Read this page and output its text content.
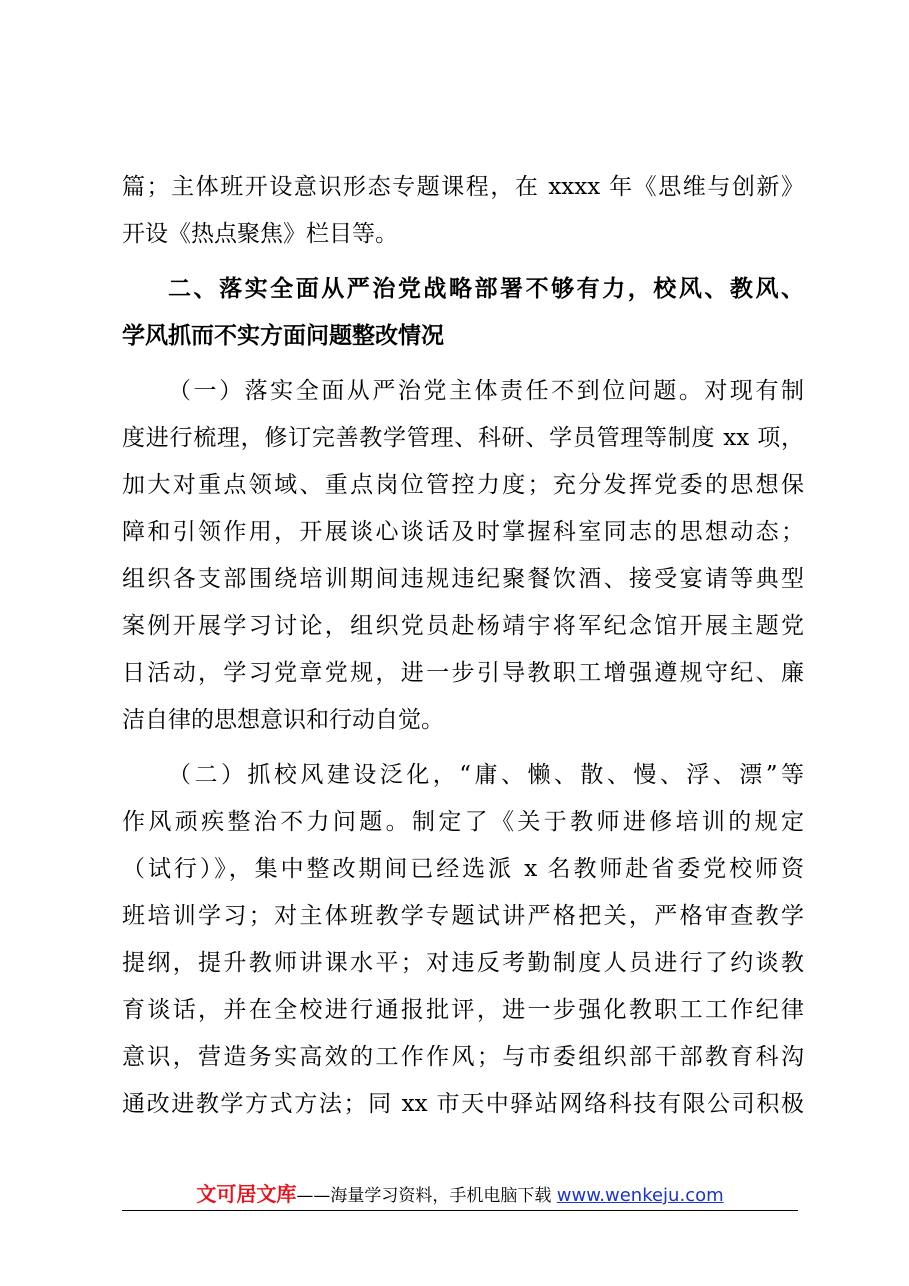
篇；主体班开设意识形态专题课程，在 xxxx 年《思维与创新》
开设《热点聚焦》栏目等。
二、落实全面从严治党战略部署不够有力，校风、教风、
学风抓而不实方面问题整改情况
（一）落实全面从严治党主体责任不到位问题。对现有制
度进行梳理，修订完善教学管理、科研、学员管理等制度 xx 项，
加大对重点领域、重点岗位管控力度；充分发挥党委的思想保
障和引领作用，开展谈心谈话及时掌握科室同志的思想动态；
组织各支部围绕培训期间违规违纪聚餐饮酒、接受宴请等典型
案例开展学习讨论，组织党员赴杨靖宇将军纪念馆开展主题党
日活动，学习党章党规，进一步引导教职工增强遵规守纪、廉
洁自律的思想意识和行动自觉。
（二）抓校风建设泛化，“庸、懒、散、慢、浮、漂”等
作风顽疾整治不力问题。制定了《关于教师进修培训的规定
（试行）》，集中整改期间已经选派 x 名教师赴省委党校师资
班培训学习；对主体班教学专题试讲严格把关，严格审查教学
提纲，提升教师讲课水平；对违反考勤制度人员进行了约谈教
育谈话，并在全校进行通报批评，进一步强化教职工工作纪律
意识，营造务实高效的工作作风；与市委组织部干部教育科沟
通改进教学方式方法；同 xx 市天中驿站网络科技有限公司积极
文可居文库——海量学习资料，手机电脑下载 www.wenkeju.com
